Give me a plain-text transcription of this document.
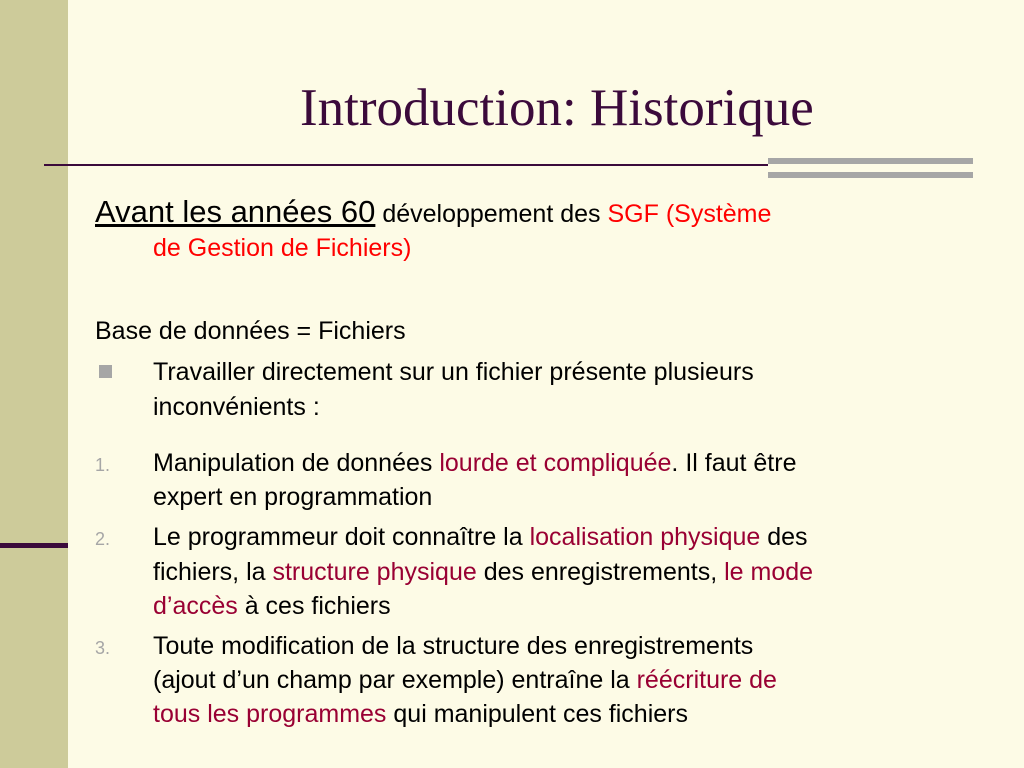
Introduction: Historique
Avant les années 60 développement des SGF (Système
de Gestion de Fichiers)
Base de données = Fichiers
Travailler directement sur un fichier présente plusieurs
inconvénients :
1. Manipulation de données lourde et compliquée. Il faut être
expert en programmation
2. Le programmeur doit connaître la localisation physique des
fichiers, la structure physique des enregistrements, le mode
d’accès à ces fichiers
3. Toute modification de la structure des enregistrements
(ajout d’un champ par exemple) entraîne la réécriture de
tous les programmes qui manipulent ces fichiers
